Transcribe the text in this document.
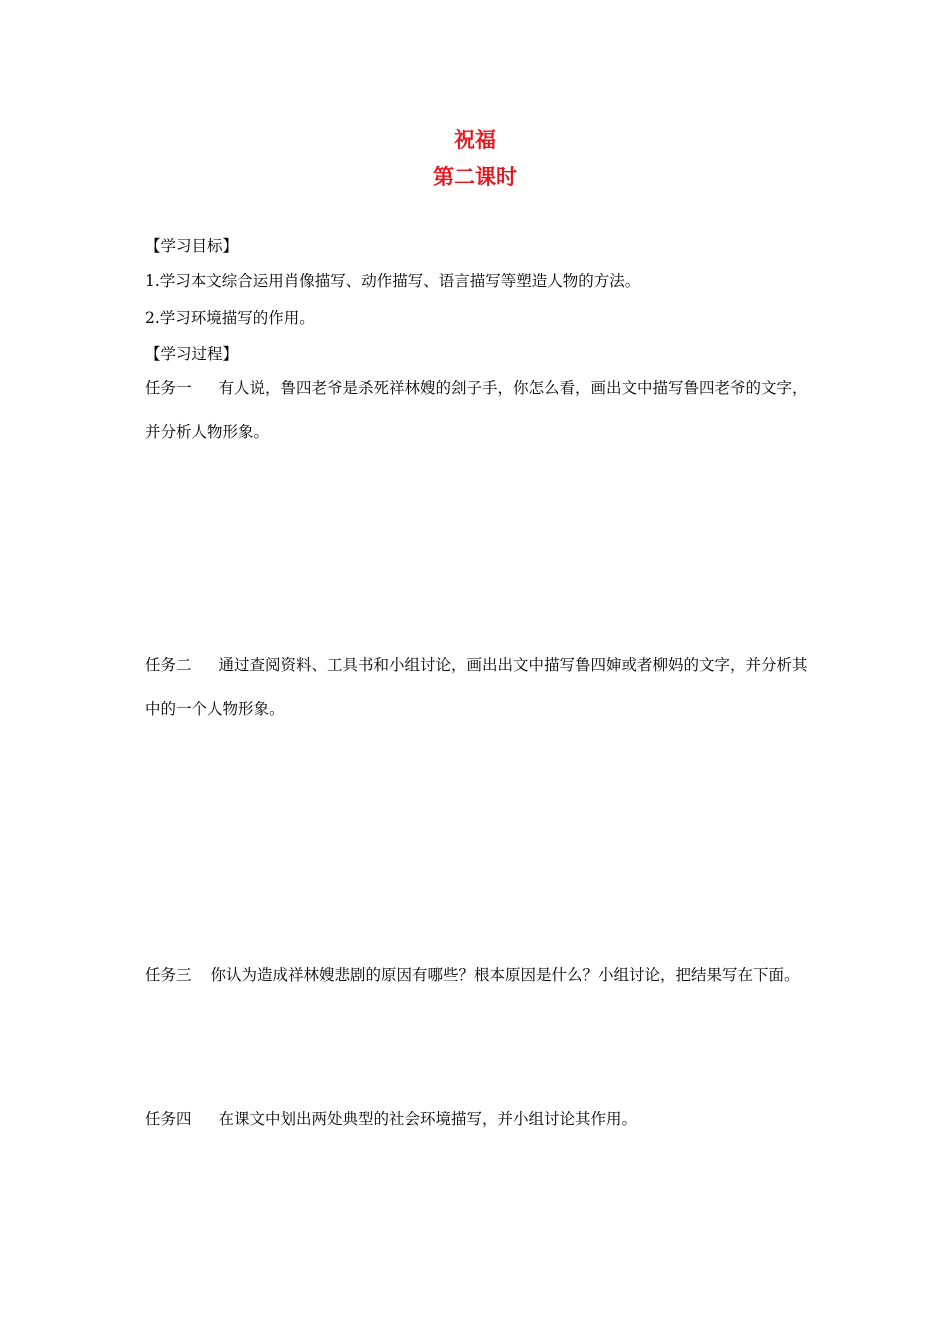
祝福
第二课时
【学习目标】
1.学习本文综合运用肖像描写、动作描写、语言描写等塑造人物的方法。
2.学习环境描写的作用。
【学习过程】
任务一 有人说，鲁四老爷是杀死祥林嫂的刽子手，你怎么看，画出文中描写鲁四老爷的文字，并分析人物形象。
任务二 通过查阅资料、工具书和小组讨论，画出出文中描写鲁四婶或者柳妈的文字，并分析其中的一个人物形象。
任务三 你认为造成祥林嫂悲剧的原因有哪些？根本原因是什么？小组讨论，把结果写在下面。
任务四 在课文中划出两处典型的社会环境描写，并小组讨论其作用。
